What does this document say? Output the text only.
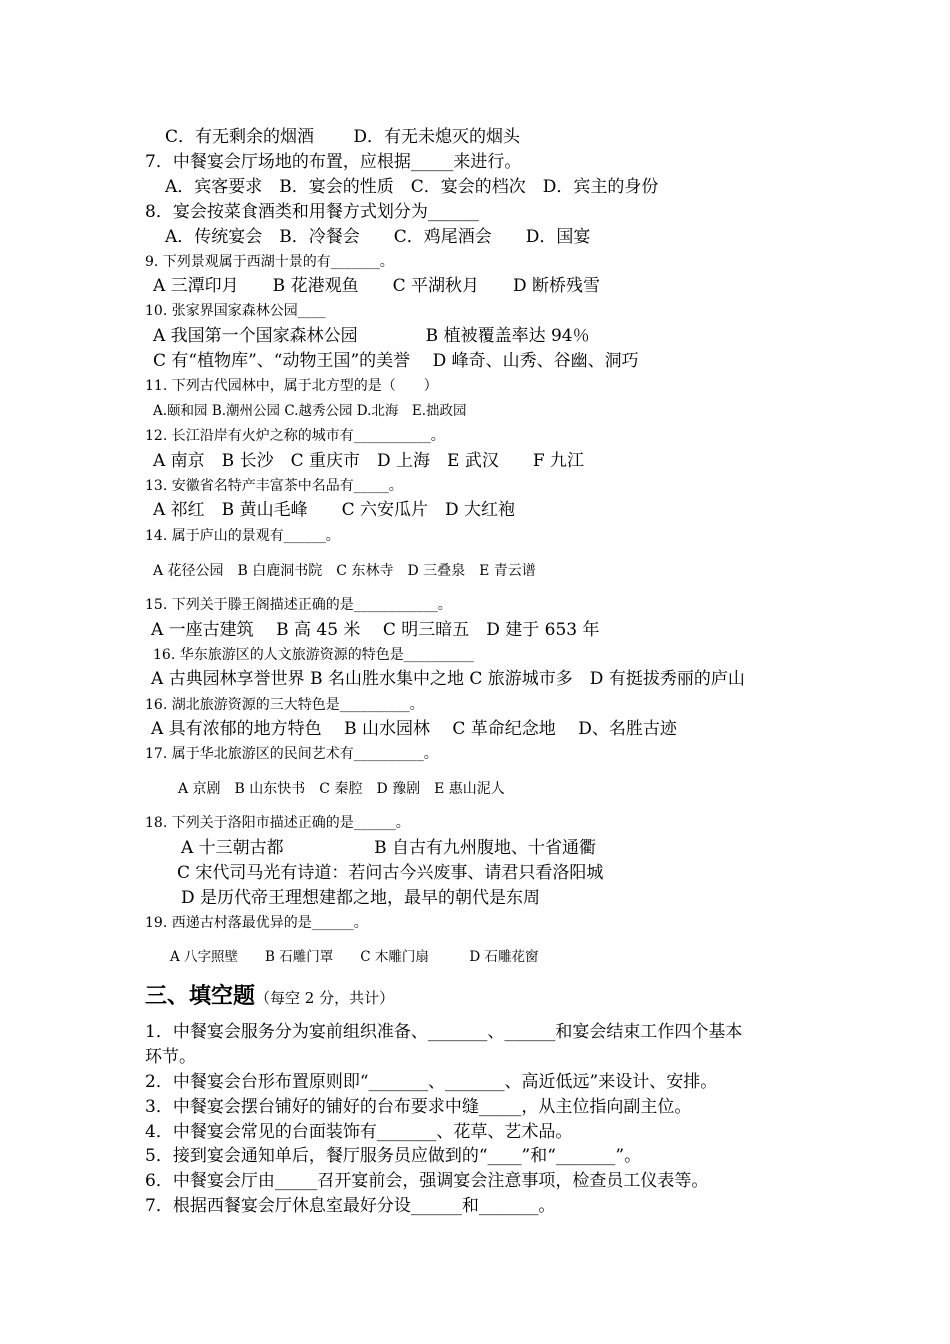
C．有无剩余的烟酒　　 D．有无未熄灭的烟头
7．中餐宴会厅场地的布置，应根据_____来进行。
A．宾客要求　B．宴会的性质　C．宴会的档次　D．宾主的身份
8．宴会按菜食酒类和用餐方式划分为______
A．传统宴会　B．冷餐会　　C．鸡尾酒会　　D．国宴
9. 下列景观属于西湖十景的有_______。
A 三潭印月　　B 花港观鱼　　C 平湖秋月　　D 断桥残雪
10. 张家界国家森林公园____
A 我国第一个国家森林公园　　　　B 植被覆盖率达 94％
C 有“植物库”、“动物王国”的美誉　 D 峰奇、山秀、谷幽、洞巧
11. 下列古代园林中，属于北方型的是（　　）
A.颐和园 B.潮州公园 C.越秀公园 D.北海　E.拙政园
12. 长江沿岸有火炉之称的城市有___________。
A 南京　B 长沙　C 重庆市　D 上海　E 武汉　　F 九江
13. 安徽省名特产丰富茶中名品有_____。
A 祁红　B 黄山毛峰　　C 六安瓜片　D 大红袍
14. 属于庐山的景观有______。
A 花径公园　B 白鹿洞书院　C 东林寺　D 三叠泉　E 青云谱
15. 下列关于滕王阁描述正确的是____________。
A 一座古建筑　 B 高 45 米　 C 明三暗五　D 建于 653 年
16. 华东旅游区的人文旅游资源的特色是__________
A 古典园林享誉世界 B 名山胜水集中之地 C 旅游城市多　D 有挺拔秀丽的庐山
16. 湖北旅游资源的三大特色是__________。
A 具有浓郁的地方特色　 B 山水园林　 C 革命纪念地　 D、名胜古迹
17. 属于华北旅游区的民间艺术有__________。
A 京剧　B 山东快书　C 秦腔　D 豫剧　E 惠山泥人
18. 下列关于洛阳市描述正确的是______。
A 十三朝古都　　　　　 B 自古有九州腹地、十省通衢
C 宋代司马光有诗道：若问古今兴废事、请君只看洛阳城
D 是历代帝王理想建都之地，最早的朝代是东周
19. 西递古村落最优异的是______。
A 八字照壁　　B 石雕门罩　　C 木雕门扇　　　D 石雕花窗
三、填空题（每空 2 分，共计）
1．中餐宴会服务分为宴前组织准备、_______、______和宴会结束工作四个基本
环节。
2．中餐宴会台形布置原则即“_______、_______、高近低远”来设计、安排。
3．中餐宴会摆台铺好的铺好的台布要求中缝_____，从主位指向副主位。
4．中餐宴会常见的台面装饰有_______、花草、艺术品。
5．接到宴会通知单后，餐厅服务员应做到的“____”和“_______”。
6．中餐宴会厅由_____召开宴前会，强调宴会注意事项，检查员工仪表等。
7．根据西餐宴会厅休息室最好分设______和_______。
